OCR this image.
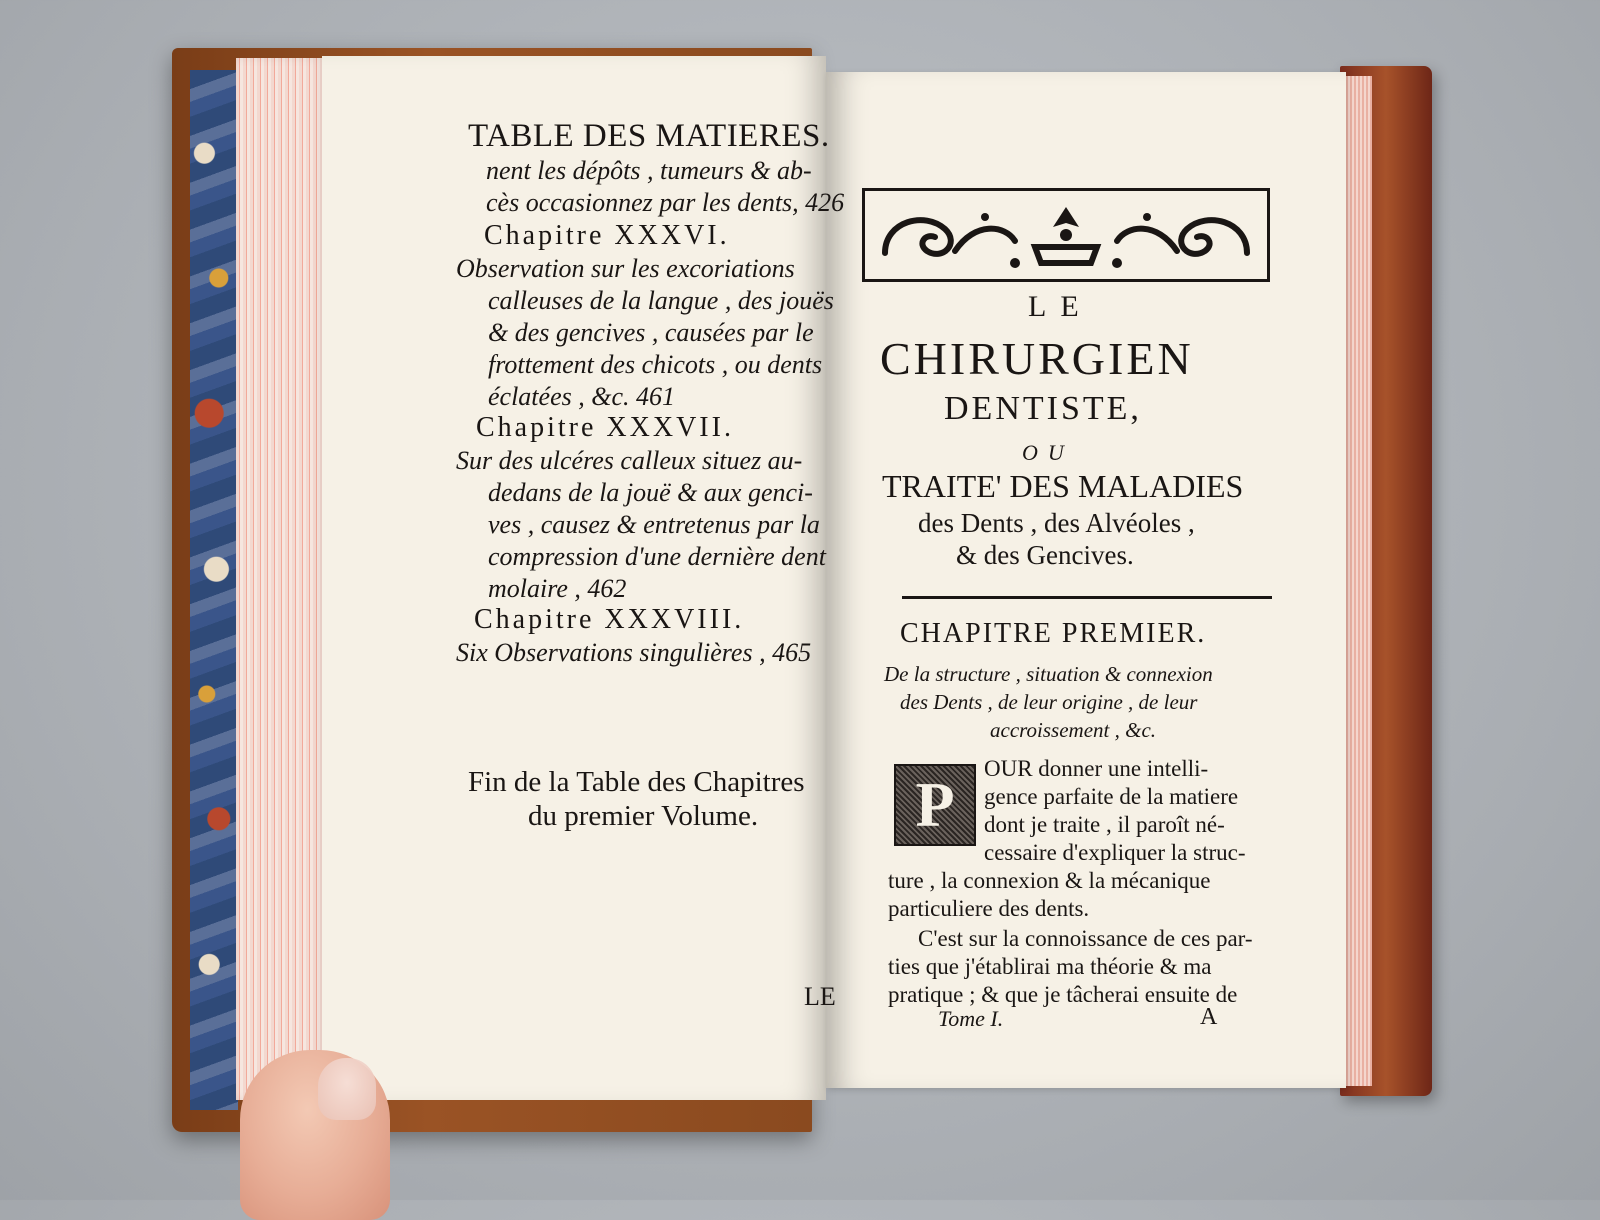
TABLE DES MATIERES.
nent les dépôts , tumeurs & ab-
cès occasionnez par les dents, 426
Chapitre XXXVI.
Observation sur les excoriations
calleuses de la langue , des jouës
& des gencives , causées par le
frottement des chicots , ou dents
éclatées , &c. 461
Chapitre XXXVII.
Sur des ulcéres calleux situez au-
dedans de la jouë & aux genci-
ves , causez & entretenus par la
compression d'une dernière dent
molaire , 462
Chapitre XXXVIII.
Six Observations singulières , 465
Fin de la Table des Chapitres
du premier Volume.
LE
LE
CHIRURGIEN
DENTISTE,
OU
TRAITE' DES MALADIES
des Dents , des Alvéoles ,
& des Gencives.
CHAPITRE PREMIER.
De la structure , situation & connexion
des Dents , de leur origine , de leur
accroissement , &c.
P
OUR donner une intelli-
gence parfaite de la matiere
dont je traite , il paroît né-
cessaire d'expliquer la struc-
ture , la connexion & la mécanique
particuliere des dents.
C'est sur la connoissance de ces par-
ties que j'établirai ma théorie & ma
pratique ; & que je tâcherai ensuite de
Tome I.	A
